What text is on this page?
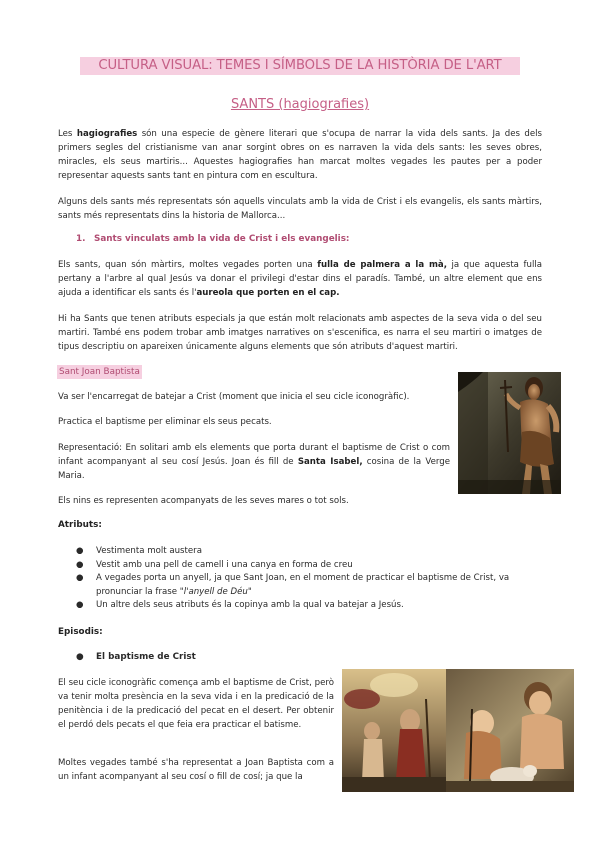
CULTURA VISUAL: TEMES I SÍMBOLS DE LA HISTÒRIA DE L'ART
SANTS (hagiografies)

Les hagiografies són una especie de gènere literari que s'ocupa de narrar la vida dels sants. Ja des dels primers segles del cristianisme van anar sorgint obres on es narraven la vida dels sants: les seves obres, miracles, els seus martiris... Aquestes hagiografies han marcat moltes vegades les pautes per a poder representar aquests sants tant en pintura com en escultura.

Alguns dels sants més representats són aquells vinculats amb la vida de Crist i els evangelis, els sants màrtirs, sants més representats dins la historia de Mallorca...

1. Sants vinculats amb la vida de Crist i els evangelis:

Els sants, quan són màrtirs, moltes vegades porten una fulla de palmera a la mà, ja que aquesta fulla pertany a l'arbre al qual Jesús va donar el privilegi d'estar dins el paradís. També, un altre element que ens ajuda a identificar els sants és l'aureola que porten en el cap.

Hi ha Sants que tenen atributs especials ja que están molt relacionats amb aspectes de la seva vida o del seu martiri. També ens podem trobar amb imatges narratives on s'escenifica, es narra el seu martiri o imatges de tipus descriptiu on apareixen únicamente alguns elements que són atributs d'aquest martiri.

Sant Joan Baptista

Va ser l'encarregat de batejar a Crist (moment que inicia el seu cicle iconogràfic).

Practica el baptisme per eliminar els seus pecats.

Representació: En solitari amb els elements que porta durant el baptisme de Crist o com infant acompanyant al seu cosí Jesús. Joan és fill de Santa Isabel, cosina de la Verge Maria.

Els nins es representen acompanyats de les seves mares o tot sols.

Atributs:
● Vestimenta molt austera
● Vestit amb una pell de camell i una canya en forma de creu
● A vegades porta un anyell, ja que Sant Joan, en el moment de practicar el baptisme de Crist, va pronunciar la frase "l'anyell de Déu"
● Un altre dels seus atributs és la copinya amb la qual va batejar a Jesús.
Episodis:
● El baptisme de Crist

El seu cicle iconogràfic comença amb el baptisme de Crist, però va tenir molta presència en la seva vida i en la predicació de la penitència i de la predicació del pecat en el desert. Per obtenir el perdó dels pecats el que feia era practicar el batisme.

Moltes vegades també s'ha representat a Joan Baptista com a un infant acompanyant al seu cosí o fill de cosí; ja que la
